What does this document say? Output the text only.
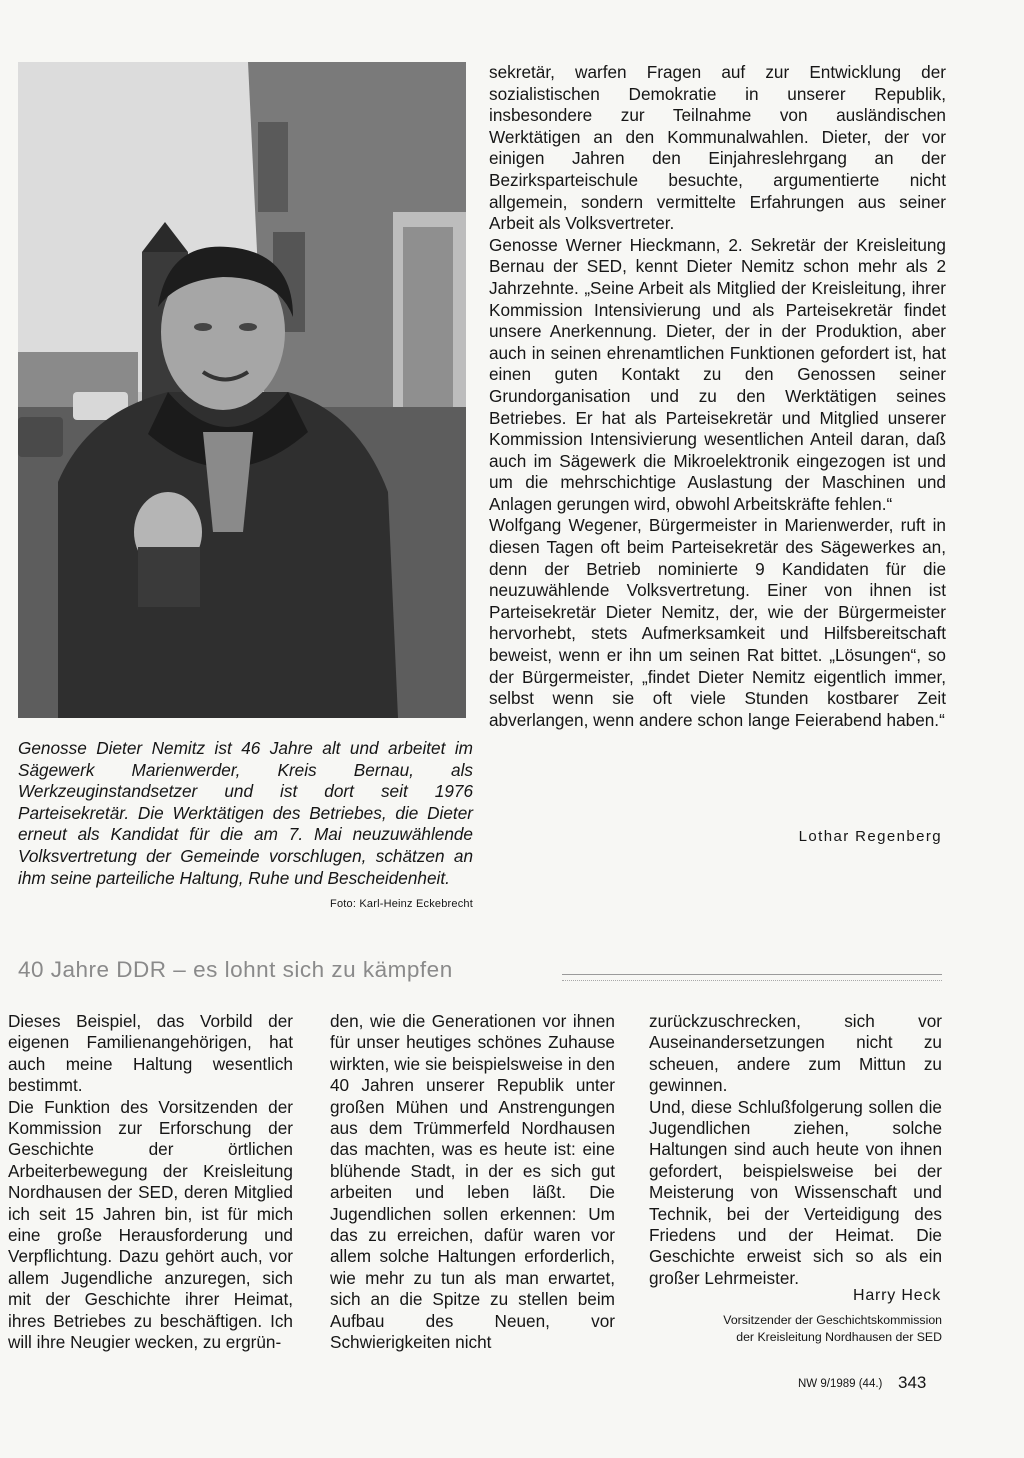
Genosse Dieter Nemitz ist 46 Jahre alt und arbeitet im Sägewerk Marienwerder, Kreis Bernau, als Werkzeuginstandsetzer und ist dort seit 1976 Parteisekretär. Die Werktätigen des Betriebes, die Dieter erneut als Kandidat für die am 7. Mai neuzuwählende Volksvertretung der Gemeinde vorschlugen, schätzen an ihm seine parteiliche Haltung, Ruhe und Bescheidenheit.
Foto: Karl-Heinz Eckebrecht

sekretär, warfen Fragen auf zur Entwicklung der sozialistischen Demokratie in unserer Republik, insbesondere zur Teilnahme von ausländischen Werktätigen an den Kommunalwahlen. Dieter, der vor einigen Jahren den Einjahreslehrgang an der Bezirksparteischule besuchte, argumentierte nicht allgemein, sondern vermittelte Erfahrungen aus seiner Arbeit als Volksvertreter.

Genosse Werner Hieckmann, 2. Sekretär der Kreisleitung Bernau der SED, kennt Dieter Nemitz schon mehr als 2 Jahrzehnte. „Seine Arbeit als Mitglied der Kreisleitung, ihrer Kommission Intensivierung und als Parteisekretär findet unsere Anerkennung. Dieter, der in der Produktion, aber auch in seinen ehrenamtlichen Funktionen gefordert ist, hat einen guten Kontakt zu den Genossen seiner Grundorganisation und zu den Werktätigen seines Betriebes. Er hat als Parteisekretär und Mitglied unserer Kommission Intensivierung wesentlichen Anteil daran, daß auch im Sägewerk die Mikroelektronik eingezogen ist und um die mehrschichtige Auslastung der Maschinen und Anlagen gerungen wird, obwohl Arbeitskräfte fehlen.“

Wolfgang Wegener, Bürgermeister in Marienwerder, ruft in diesen Tagen oft beim Parteisekretär des Sägewerkes an, denn der Betrieb nominierte 9 Kandidaten für die neuzuwählende Volksvertretung. Einer von ihnen ist Parteisekretär Dieter Nemitz, der, wie der Bürgermeister hervorhebt, stets Aufmerksamkeit und Hilfsbereitschaft beweist, wenn er ihn um seinen Rat bittet. „Lösungen“, so der Bürgermeister, „findet Dieter Nemitz eigentlich immer, selbst wenn sie oft viele Stunden kostbarer Zeit abverlangen, wenn andere schon lange Feierabend haben.“

Lothar Regenberg
40 Jahre DDR – es lohnt sich zu kämpfen

Dieses Beispiel, das Vorbild der eigenen Familienangehörigen, hat auch meine Haltung wesentlich bestimmt.

Die Funktion des Vorsitzenden der Kommission zur Erforschung der Geschichte der örtlichen Arbeiterbewegung der Kreisleitung Nordhausen der SED, deren Mitglied ich seit 15 Jahren bin, ist für mich eine große Herausforderung und Verpflichtung. Dazu gehört auch, vor allem Jugendliche anzuregen, sich mit der Geschichte ihrer Heimat, ihres Betriebes zu beschäftigen. Ich will ihre Neugier wecken, zu ergrün-

den, wie die Generationen vor ihnen für unser heutiges schönes Zuhause wirkten, wie sie beispielsweise in den 40 Jahren unserer Republik unter großen Mühen und Anstrengungen aus dem Trümmerfeld Nordhausen das machten, was es heute ist: eine blühende Stadt, in der es sich gut arbeiten und leben läßt. Die Jugendlichen sollen erkennen: Um das zu erreichen, dafür waren vor allem solche Haltungen erforderlich, wie mehr zu tun als man erwartet, sich an die Spitze zu stellen beim Aufbau des Neuen, vor Schwierigkeiten nicht

zurückzuschrecken, sich vor Auseinandersetzungen nicht zu scheuen, andere zum Mittun zu gewinnen.

Und, diese Schlußfolgerung sollen die Jugendlichen ziehen, solche Haltungen sind auch heute von ihnen gefordert, beispielsweise bei der Meisterung von Wissenschaft und Technik, bei der Verteidigung des Friedens und der Heimat. Die Geschichte erweist sich so als ein großer Lehrmeister.

Harry Heck
Vorsitzender der Geschichtskommission
der Kreisleitung Nordhausen der SED
NW 9/1989 (44.) 343
